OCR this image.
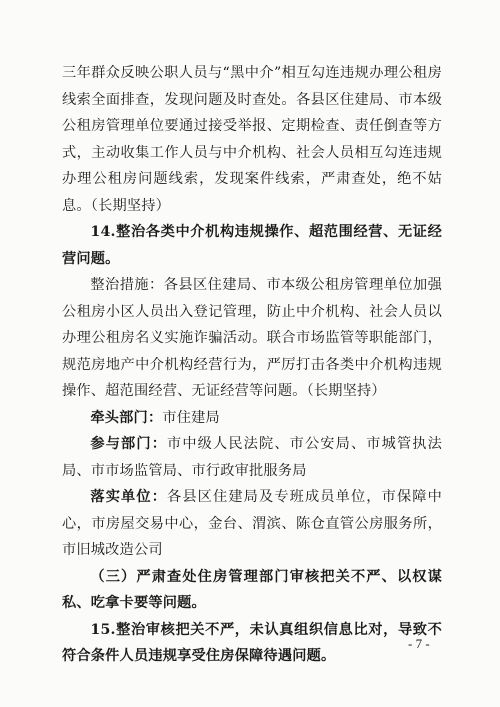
三年群众反映公职人员与“黑中介”相互勾连违规办理公租房线索全面排查，发现问题及时查处。各县区住建局、市本级公租房管理单位要通过接受举报、定期检查、责任倒查等方式，主动收集工作人员与中介机构、社会人员相互勾连违规办理公租房问题线索，发现案件线索，严肃查处，绝不姑息。（长期坚持）

14.整治各类中介机构违规操作、超范围经营、无证经营问题。

整治措施：各县区住建局、市本级公租房管理单位加强公租房小区人员出入登记管理，防止中介机构、社会人员以办理公租房名义实施诈骗活动。联合市场监管等职能部门，规范房地产中介机构经营行为，严厉打击各类中介机构违规操作、超范围经营、无证经营等问题。（长期坚持）

牵头部门：市住建局

参与部门：市中级人民法院、市公安局、市城管执法局、市市场监管局、市行政审批服务局

落实单位：各县区住建局及专班成员单位，市保障中心，市房屋交易中心，金台、渭滨、陈仓直管公房服务所，市旧城改造公司

（三）严肃查处住房管理部门审核把关不严、以权谋私、吃拿卡要等问题。

15.整治审核把关不严，未认真组织信息比对，导致不符合条件人员违规享受住房保障待遇问题。

- 7 -
